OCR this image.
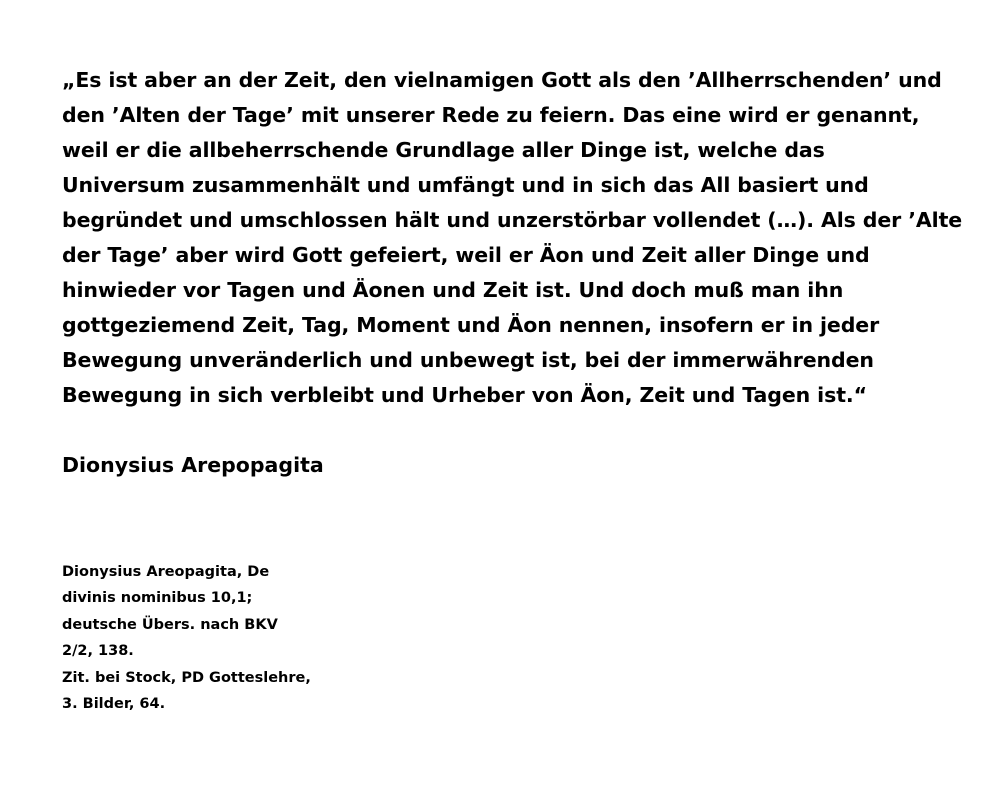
„Es ist aber an der Zeit, den vielnamigen Gott als den ’Allherrschenden’ und
den ’Alten der Tage’ mit unserer Rede zu feiern. Das eine wird er genannt,
weil er die allbeherrschende Grundlage aller Dinge ist, welche das
Universum zusammenhält und umfängt und in sich das All basiert und
begründet und umschlossen hält und unzerstörbar vollendet (…). Als der ’Alte
der Tage’ aber wird Gott gefeiert, weil er Äon und Zeit aller Dinge und
hinwieder vor Tagen und Äonen und Zeit ist. Und doch muß man ihn
gottgeziemend Zeit, Tag, Moment und Äon nennen, insofern er in jeder
Bewegung unveränderlich und unbewegt ist, bei der immerwährenden
Bewegung in sich verbleibt und Urheber von Äon, Zeit und Tagen ist.“

Dionysius Arepopagita

Dionysius Areopagita, De
divinis nominibus 10,1;
deutsche Übers. nach BKV
2/2, 138.
Zit. bei Stock, PD Gotteslehre,
3. Bilder, 64.
